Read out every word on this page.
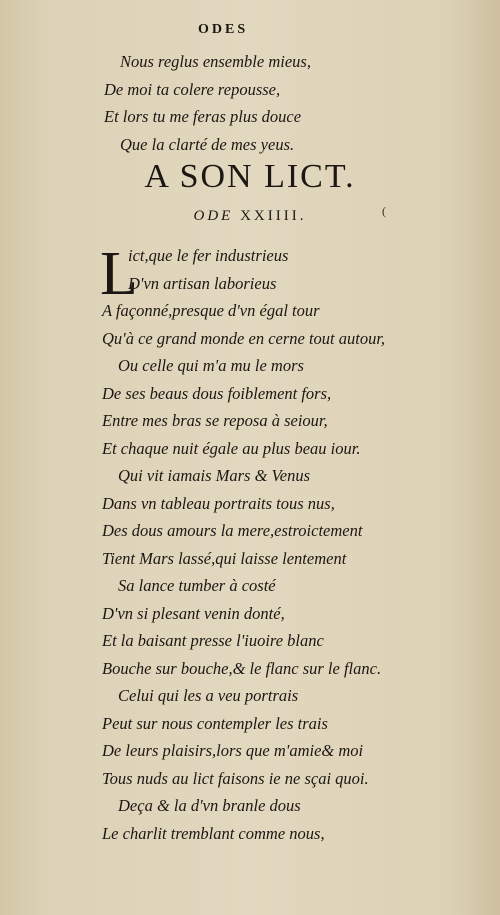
ODES
Nous reglus ensemble mieus,
De moi ta colere repousse,
Et lors tu me feras plus douce
Que la clarté de mes yeus.
A SON LICT.
ODE XXIIII.	(
L
ict,que le fer industrieus
D'vn artisan laborieus
A façonné,presque d'vn égal tour
Qu'à ce grand monde en cerne tout autour,
Ou celle qui m'a mu le mors
De ses beaus dous foiblement fors,
Entre mes bras se reposa à seiour,
Et chaque nuit égale au plus beau iour.
Qui vit iamais Mars & Venus
Dans vn tableau portraits tous nus,
Des dous amours la mere,estroictement
Tient Mars lassé,qui laisse lentement
Sa lance tumber à costé
D'vn si plesant venin donté,
Et la baisant presse l'iuoire blanc
Bouche sur bouche,& le flanc sur le flanc.
Celui qui les a veu portrais
Peut sur nous contempler les trais
De leurs plaisirs,lors que m'amie& moi
Tous nuds au lict faisons ie ne sçai quoi.
Deça & la d'vn branle dous
Le charlit tremblant comme nous,
